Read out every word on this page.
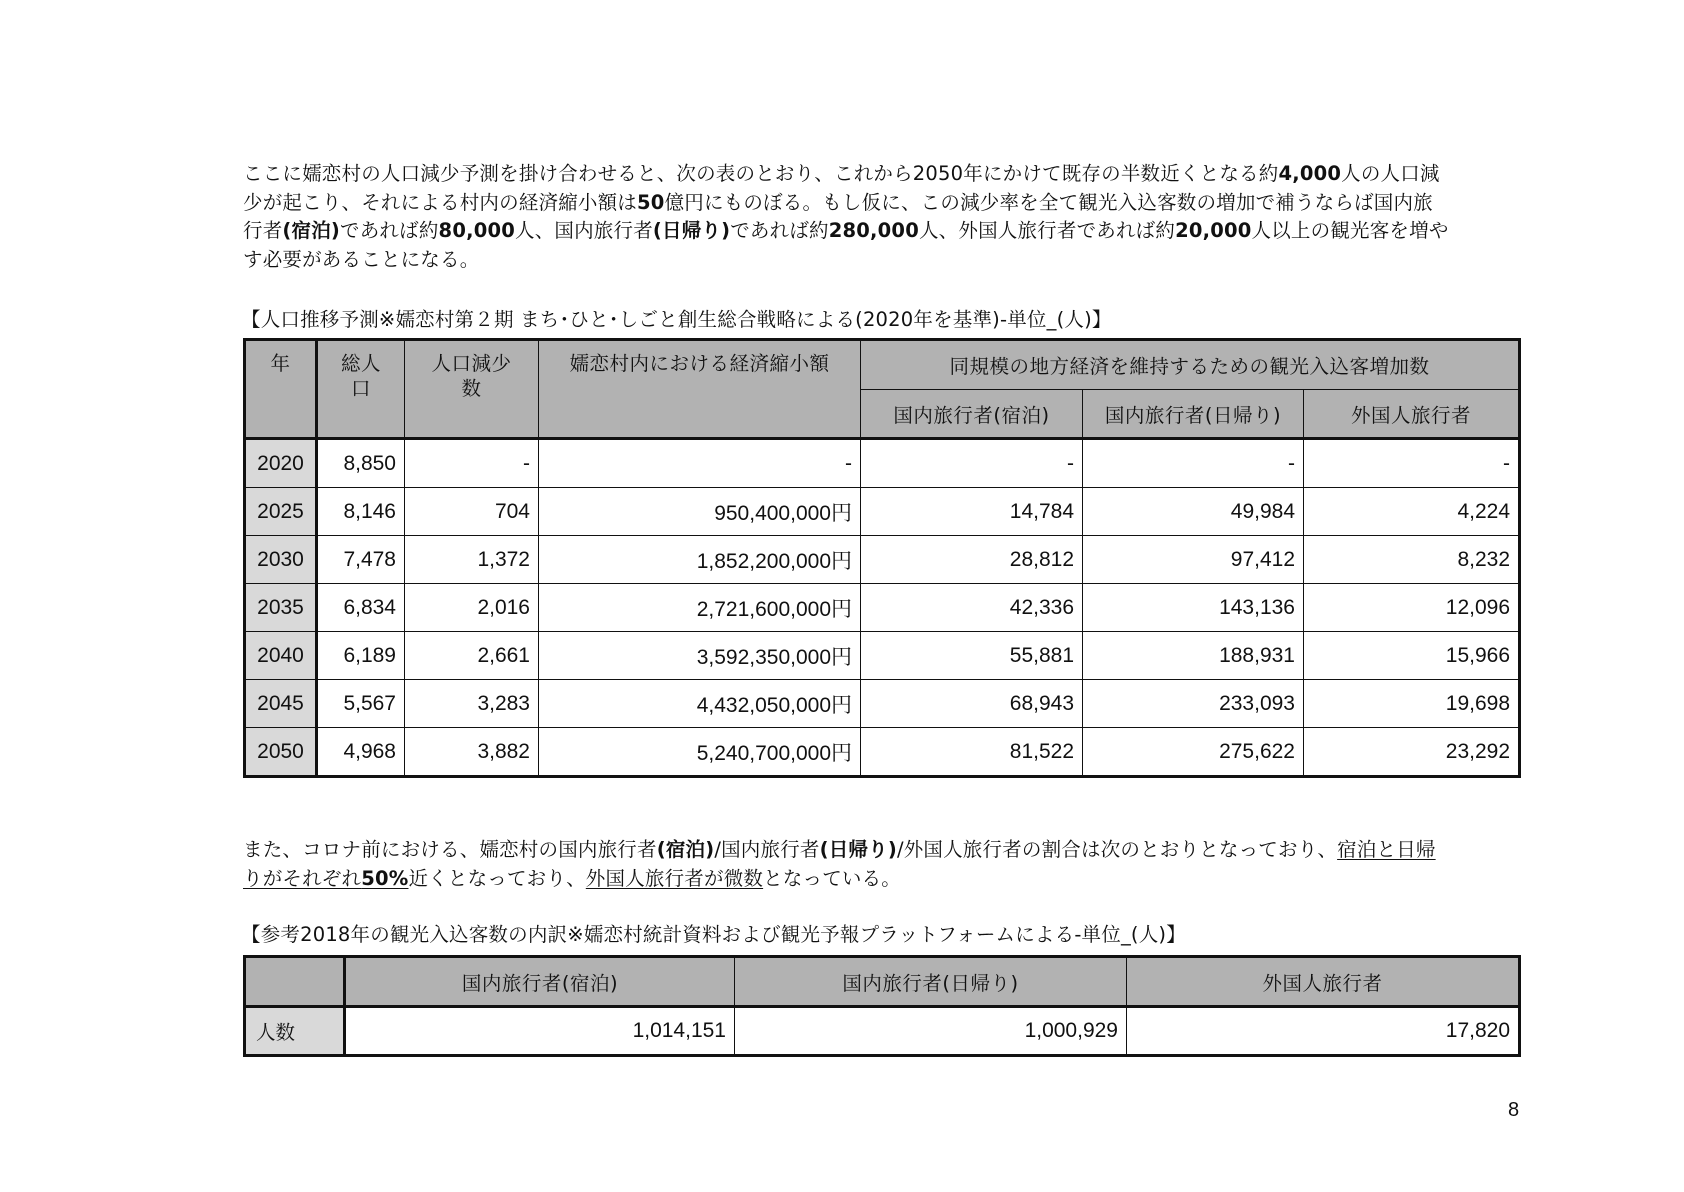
ここに嬬恋村の人口減少予測を掛け合わせると、次の表のとおり、これから2050年にかけて既存の半数近くとなる約4,000人の人口減
少が起こり、それによる村内の経済縮小額は50億円にものぼる。もし仮に、この減少率を全て観光入込客数の増加で補うならば国内旅
行者(宿泊)であれば約80,000人、国内旅行者(日帰り)であれば約280,000人、外国人旅行者であれば約20,000人以上の観光客を増や
す必要があることになる。
【人口推移予測※嬬恋村第２期 まち･ひと･しごと創生総合戦略による(2020年を基準)-単位_(人)】
年	総人口	人口減少数	嬬恋村内における経済縮小額	同規模の地方経済を維持するための観光入込客増加数		
				国内旅行者(宿泊)	国内旅行者(日帰り)	外国人旅行者
2020	8,850	-	-	-	-	-
2025	8,146	704	950,400,000円	14,784	49,984	4,224
2030	7,478	1,372	1,852,200,000円	28,812	97,412	8,232
2035	6,834	2,016	2,721,600,000円	42,336	143,136	12,096
2040	6,189	2,661	3,592,350,000円	55,881	188,931	15,966
2045	5,567	3,283	4,432,050,000円	68,943	233,093	19,698
2050	4,968	3,882	5,240,700,000円	81,522	275,622	23,292
また、コロナ前における、嬬恋村の国内旅行者(宿泊)/国内旅行者(日帰り)/外国人旅行者の割合は次のとおりとなっており、宿泊と日帰
りがそれぞれ50%近くとなっており、外国人旅行者が微数となっている。
【参考2018年の観光入込客数の内訳※嬬恋村統計資料および観光予報プラットフォームによる-単位_(人)】
	国内旅行者(宿泊)	国内旅行者(日帰り)	外国人旅行者
人数	1,014,151	1,000,929	17,820
8
